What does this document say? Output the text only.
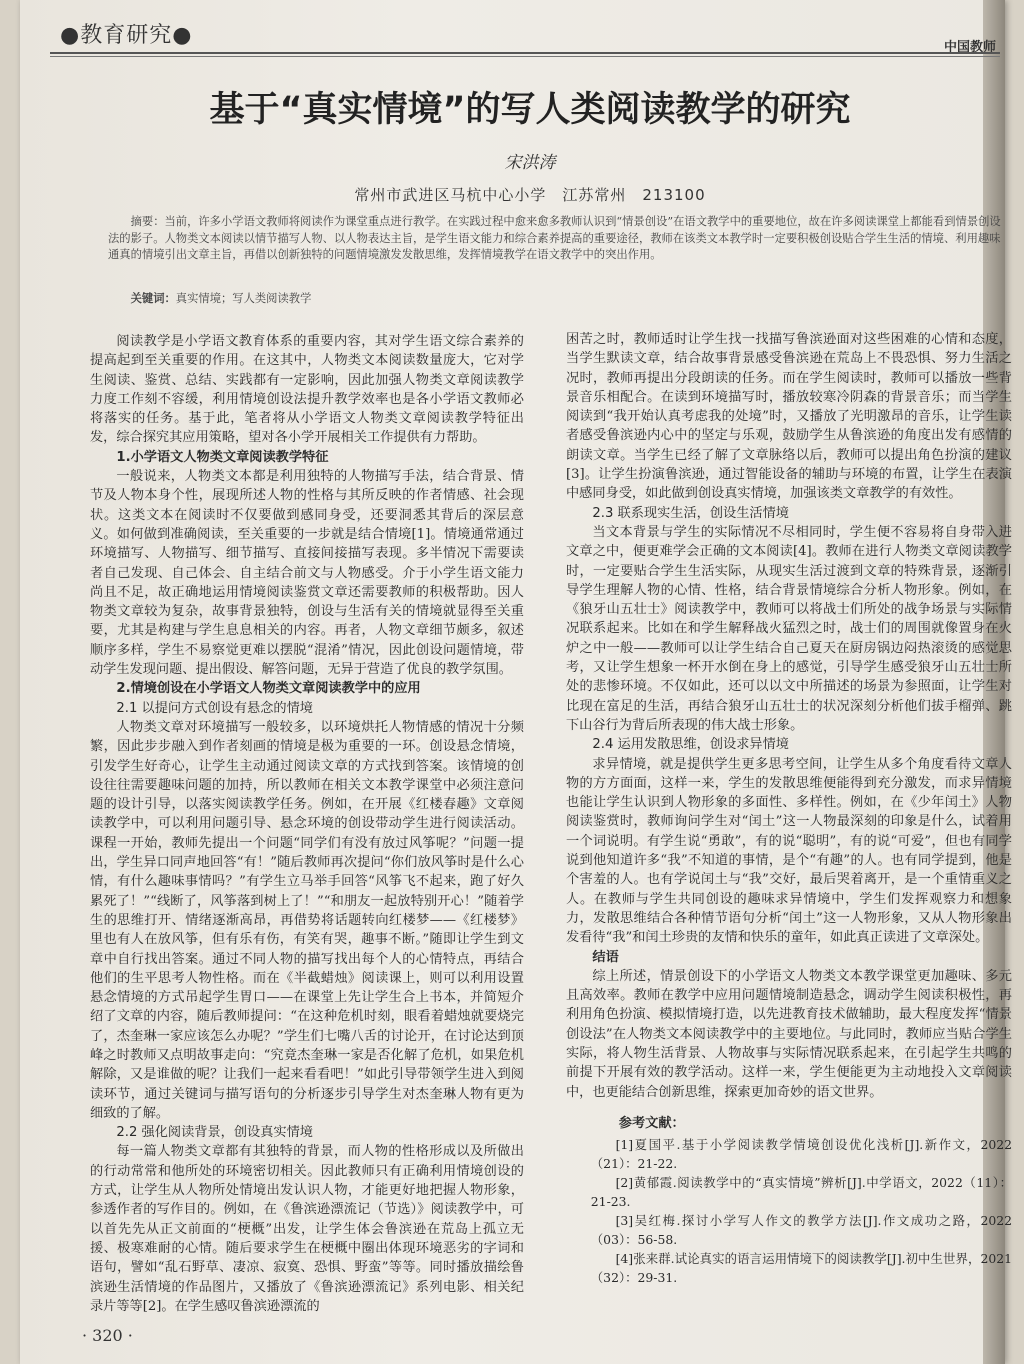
●教育研究●	中国教师
基于“真实情境”的写人类阅读教学的研究
宋洪涛
常州市武进区马杭中心小学　江苏常州　213100
摘要：当前，许多小学语文教师将阅读作为课堂重点进行教学。在实践过程中愈来愈多教师认识到“情景创设”在语文教学中的重要地位，故在许多阅读课堂上都能看到情景创设法的影子。人物类文本阅读以情节描写人物、以人物表达主旨，是学生语文能力和综合素养提高的重要途径，教师在该类文本教学时一定要积极创设贴合学生生活的情境、利用趣味通真的情境引出文章主旨，再借以创新独特的问题情境激发发散思维，发挥情境教学在语文教学中的突出作用。
关键词：真实情境；写人类阅读教学

阅读教学是小学语文教育体系的重要内容，其对学生语文综合素养的提高起到至关重要的作用。在这其中，人物类文本阅读数量庞大，它对学生阅读、鉴赏、总结、实践都有一定影响，因此加强人物类文章阅读教学力度工作刻不容缓，利用情境创设法提升教学效率也是各小学语文教师必将落实的任务。基于此，笔者将从小学语文人物类文章阅读教学特征出发，综合探究其应用策略，望对各小学开展相关工作提供有力帮助。

1.小学语文人物类文章阅读教学特征

一般说来，人物类文本都是利用独特的人物描写手法，结合背景、情节及人物本身个性，展现所述人物的性格与其所反映的作者情感、社会现状。这类文本在阅读时不仅要做到感同身受，还要洞悉其背后的深层意义。如何做到准确阅读，至关重要的一步就是结合情境[1]。情境通常通过环境描写、人物描写、细节描写、直接间接描写表现。多半情况下需要读者自己发现、自己体会、自主结合前文与人物感受。介于小学生语文能力尚且不足，故正确地运用情境阅读鉴赏文章还需要教师的积极帮助。因人物类文章较为复杂，故事背景独特，创设与生活有关的情境就显得至关重要，尤其是构建与学生息息相关的内容。再者，人物文章细节颇多，叙述顺序多样，学生不易察觉更难以摆脱“混淆”情况，因此创设问题情境，带动学生发现问题、提出假设、解答问题，无异于营造了优良的教学氛围。

2.情境创设在小学语文人物类文章阅读教学中的应用
2.1 以提问方式创设有悬念的情境

人物类文章对环境描写一般较多，以环境烘托人物情感的情况十分频繁，因此步步融入到作者刻画的情境是极为重要的一环。创设悬念情境，引发学生好奇心，让学生主动通过阅读文章的方式找到答案。该情境的创设往往需要趣味问题的加持，所以教师在相关文本教学课堂中必须注意问题的设计引导，以落实阅读教学任务。例如，在开展《红楼春趣》文章阅读教学中，可以利用问题引导、悬念环境的创设带动学生进行阅读活动。课程一开始，教师先提出一个问题“同学们有没有放过风筝呢？”问题一提出，学生异口同声地回答“有！”随后教师再次提问“你们放风筝时是什么心情，有什么趣味事情吗？”有学生立马举手回答“风筝飞不起来，跑了好久累死了！”“线断了，风筝落到树上了！”“和朋友一起放特别开心！”随着学生的思维打开、情绪逐渐高昂，再借势将话题转向红楼梦——《红楼梦》里也有人在放风筝，但有乐有伤，有笑有哭，趣事不断。”随即让学生到文章中自行找出答案。通过不同人物的描写找出每个人的心情特点，再结合他们的生平思考人物性格。而在《半截蜡烛》阅读课上，则可以利用设置悬念情境的方式吊起学生胃口——在课堂上先让学生合上书本，并简短介绍了文章的内容，随后教师提问：“在这种危机时刻，眼看着蜡烛就要烧完了，杰奎琳一家应该怎么办呢？”学生们七嘴八舌的讨论开，在讨论达到顶峰之时教师又点明故事走向：“究竟杰奎琳一家是否化解了危机，如果危机解除，又是谁做的呢？让我们一起来看看吧！”如此引导带领学生进入到阅读环节，通过关键词与描写语句的分析逐步引导学生对杰奎琳人物有更为细致的了解。

2.2 强化阅读背景，创设真实情境

每一篇人物类文章都有其独特的背景，而人物的性格形成以及所做出的行动常常和他所处的环境密切相关。因此教师只有正确利用情境创设的方式，让学生从人物所处情境出发认识人物，才能更好地把握人物形象，参透作者的写作目的。例如，在《鲁滨逊漂流记（节选）》阅读教学中，可以首先先从正文前面的“梗概”出发，让学生体会鲁滨逊在荒岛上孤立无援、极寒难耐的心情。随后要求学生在梗概中圈出体现环境恶劣的字词和语句，譬如“乱石野草、凄凉、寂寞、恐惧、野蛮”等等。同时播放描绘鲁滨逊生活情境的作品图片，又播放了《鲁滨逊漂流记》系列电影、相关纪录片等等[2]。在学生感叹鲁滨逊漂流的

困苦之时，教师适时让学生找一找描写鲁滨逊面对这些困难的心情和态度，当学生默读文章，结合故事背景感受鲁滨逊在荒岛上不畏恐惧、努力生活之况时，教师再提出分段朗读的任务。而在学生阅读时，教师可以播放一些背景音乐相配合。在读到环境描写时，播放较寒冷阴森的背景音乐；而当学生阅读到“我开始认真考虑我的处境”时，又播放了光明激昂的音乐，让学生读者感受鲁滨逊内心中的坚定与乐观，鼓励学生从鲁滨逊的角度出发有感情的朗读文章。当学生已经了解了文章脉络以后，教师可以提出角色扮演的建议[3]。让学生扮演鲁滨逊，通过智能设备的辅助与环境的布置，让学生在表演中感同身受，如此做到创设真实情境，加强该类文章教学的有效性。

2.3 联系现实生活，创设生活情境

当文本背景与学生的实际情况不尽相同时，学生便不容易将自身带入进文章之中，便更难学会正确的文本阅读[4]。教师在进行人物类文章阅读教学时，一定要贴合学生生活实际，从现实生活过渡到文章的特殊背景，逐渐引导学生理解人物的心情、性格，结合背景情境综合分析人物形象。例如，在《狼牙山五壮士》阅读教学中，教师可以将战士们所处的战争场景与实际情况联系起来。比如在和学生解释战火猛烈之时，战士们的周围就像置身在火炉之中一般——教师可以让学生结合自己夏天在厨房锅边闷热滚烫的感觉思考，又让学生想象一杯开水倒在身上的感觉，引导学生感受狼牙山五壮士所处的悲惨环境。不仅如此，还可以以文中所描述的场景为参照面，让学生对比现在富足的生活，再结合狼牙山五壮士的状况深刻分析他们拔手榴弹、跳下山谷行为背后所表现的伟大战士形象。

2.4 运用发散思维，创设求异情境

求异情境，就是提供学生更多思考空间，让学生从多个角度看待文章人物的方方面面，这样一来，学生的发散思维便能得到充分激发，而求异情境也能让学生认识到人物形象的多面性、多样性。例如，在《少年闰土》人物阅读鉴赏时，教师询问学生对“闰土”这一人物最深刻的印象是什么，试着用一个词说明。有学生说“勇敢”，有的说“聪明”，有的说“可爱”，但也有同学说到他知道许多“我”不知道的事情，是个“有趣”的人。也有同学提到，他是个害羞的人。也有学说闰土与“我”交好，最后哭着离开，是一个重情重义之人。在教师与学生共同创设的趣味求异情境中，学生们发挥观察力和想象力，发散思维结合各种情节语句分析“闰土”这一人物形象，又从人物形象出发看待“我”和闰土珍贵的友情和快乐的童年，如此真正读进了文章深处。

结语

综上所述，情景创设下的小学语文人物类文本教学课堂更加趣味、多元且高效率。教师在教学中应用问题情境制造悬念，调动学生阅读积极性，再利用角色扮演、模拟情境打造，以先进教育技术做辅助，最大程度发挥“情景创设法”在人物类文本阅读教学中的主要地位。与此同时，教师应当贴合学生实际，将人物生活背景、人物故事与实际情况联系起来，在引起学生共鸣的前提下开展有效的教学活动。这样一来，学生便能更为主动地投入文章阅读中，也更能结合创新思维，探索更加奇妙的语文世界。

参考文献：

[1]夏国平.基于小学阅读教学情境创设优化浅析[J].新作文，2022（21）：21-22.

[2]黄郁霞.阅读教学中的“真实情境”辨析[J].中学语文，2022（11）：21-23.

[3]吴红梅.探讨小学写人作文的教学方法[J].作文成功之路，2022（03）：56-58.

[4]张来群.试论真实的语言运用情境下的阅读教学[J].初中生世界，2021（32）：29-31.

· 320 ·
